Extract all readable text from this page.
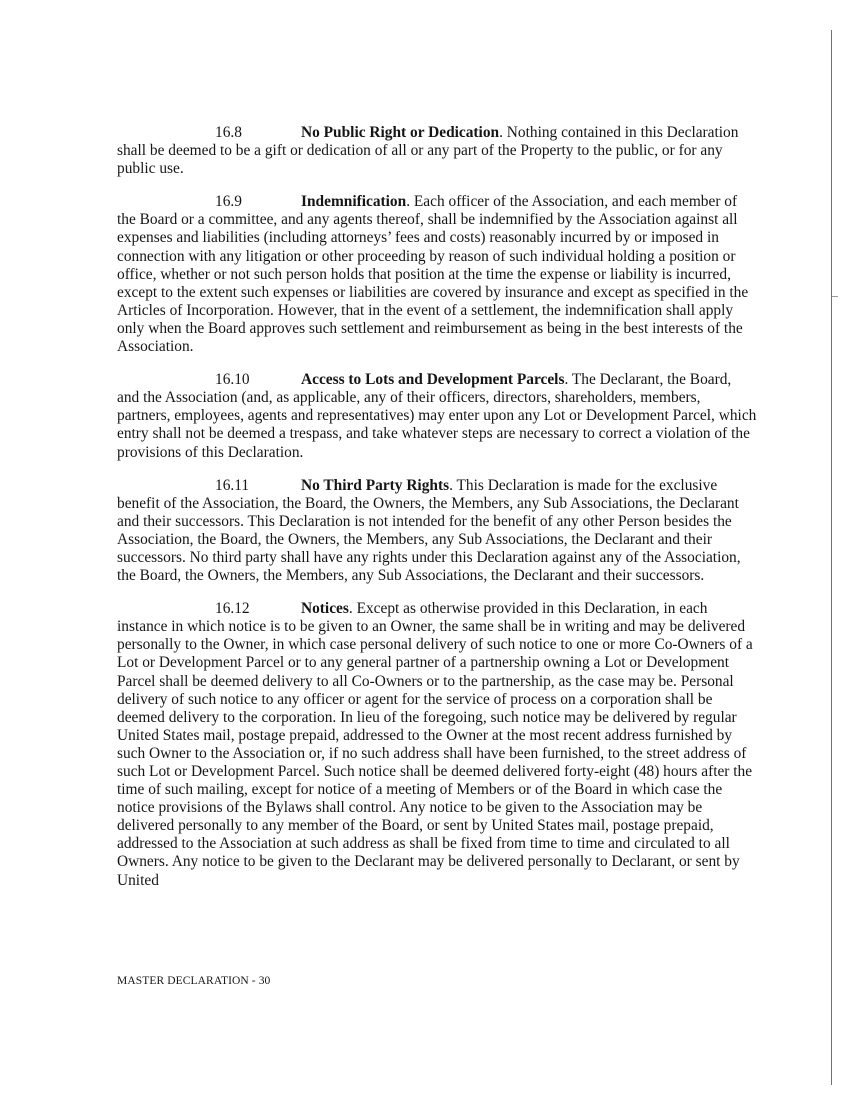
16.8	No Public Right or Dedication. Nothing contained in this Declaration shall be deemed to be a gift or dedication of all or any part of the Property to the public, or for any public use.

16.9	Indemnification. Each officer of the Association, and each member of the Board or a committee, and any agents thereof, shall be indemnified by the Association against all expenses and liabilities (including attorneys’ fees and costs) reasonably incurred by or imposed in connection with any litigation or other proceeding by reason of such individual holding a position or office, whether or not such person holds that position at the time the expense or liability is incurred, except to the extent such expenses or liabilities are covered by insurance and except as specified in the Articles of Incorporation. However, that in the event of a settlement, the indemnification shall apply only when the Board approves such settlement and reimbursement as being in the best interests of the Association.

16.10	Access to Lots and Development Parcels. The Declarant, the Board, and the Association (and, as applicable, any of their officers, directors, shareholders, members, partners, employees, agents and representatives) may enter upon any Lot or Development Parcel, which entry shall not be deemed a trespass, and take whatever steps are necessary to correct a violation of the provisions of this Declaration.

16.11	No Third Party Rights. This Declaration is made for the exclusive benefit of the Association, the Board, the Owners, the Members, any Sub Associations, the Declarant and their successors. This Declaration is not intended for the benefit of any other Person besides the Association, the Board, the Owners, the Members, any Sub Associations, the Declarant and their successors. No third party shall have any rights under this Declaration against any of the Association, the Board, the Owners, the Members, any Sub Associations, the Declarant and their successors.

16.12	Notices. Except as otherwise provided in this Declaration, in each instance in which notice is to be given to an Owner, the same shall be in writing and may be delivered personally to the Owner, in which case personal delivery of such notice to one or more Co-Owners of a Lot or Development Parcel or to any general partner of a partnership owning a Lot or Development Parcel shall be deemed delivery to all Co-Owners or to the partnership, as the case may be. Personal delivery of such notice to any officer or agent for the service of process on a corporation shall be deemed delivery to the corporation. In lieu of the foregoing, such notice may be delivered by regular United States mail, postage prepaid, addressed to the Owner at the most recent address furnished by such Owner to the Association or, if no such address shall have been furnished, to the street address of such Lot or Development Parcel. Such notice shall be deemed delivered forty-eight (48) hours after the time of such mailing, except for notice of a meeting of Members or of the Board in which case the notice provisions of the Bylaws shall control. Any notice to be given to the Association may be delivered personally to any member of the Board, or sent by United States mail, postage prepaid, addressed to the Association at such address as shall be fixed from time to time and circulated to all Owners. Any notice to be given to the Declarant may be delivered personally to Declarant, or sent by United

MASTER DECLARATION - 30
